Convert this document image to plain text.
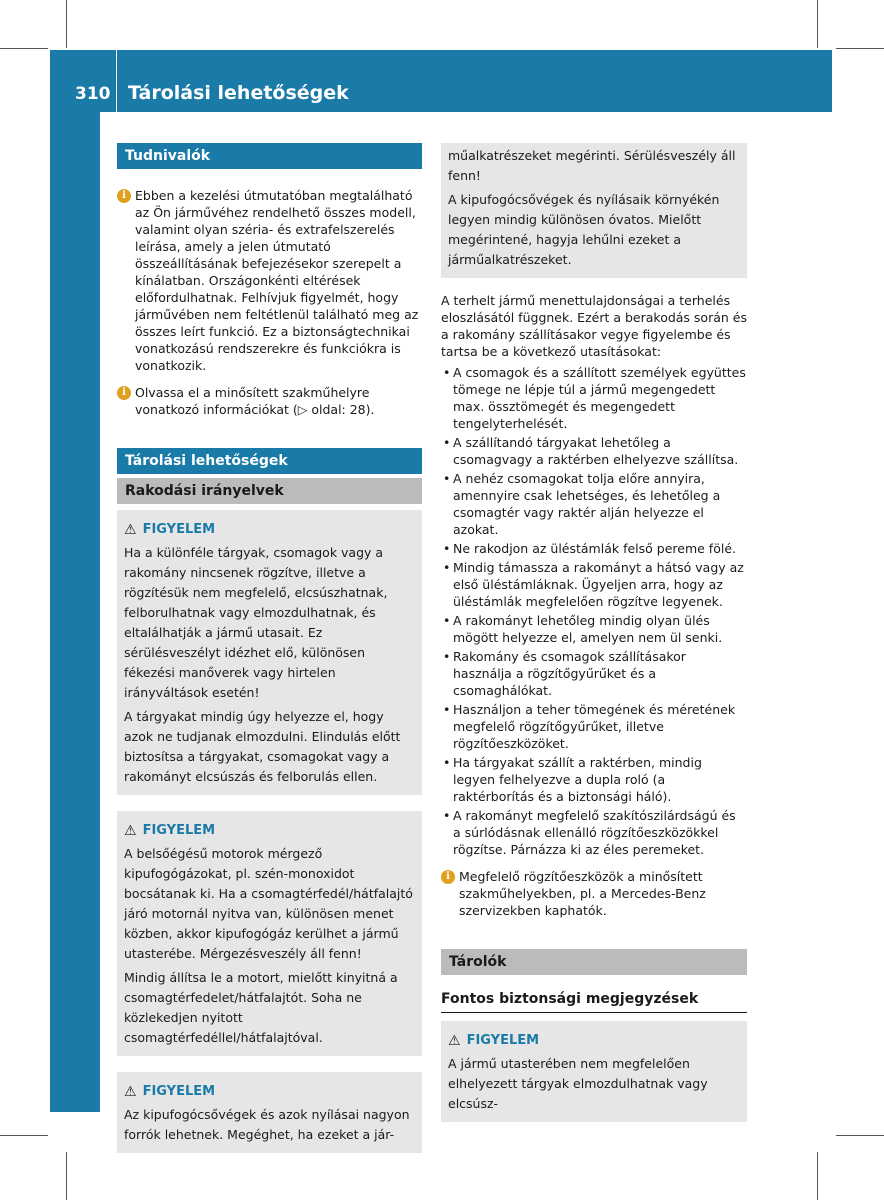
310 Tárolási lehetőségek
Tárolás és hasznos lehetőségek
Tudnivalók
i Ebben a kezelési útmutatóban megtalálható az Ön járművéhez rendelhető összes modell, valamint olyan széria- és extrafelszerelés leírása, amely a jelen útmutató összeállításának befejezésekor szerepelt a kínálatban. Országonkénti eltérések előfordulhatnak. Felhívjuk figyelmét, hogy járművében nem feltétlenül található meg az összes leírt funkció. Ez a biztonságtechnikai vonatkozású rendszerekre és funkciókra is vonatkozik.
i Olvassa el a minősített szakműhelyre vonatkozó információkat (▷ oldal: 28).
Tárolási lehetőségek
Rakodási irányelvek
⚠ FIGYELEM

Ha a különféle tárgyak, csomagok vagy a rakomány nincsenek rögzítve, illetve a rögzítésük nem megfelelő, elcsúszhatnak, felborulhatnak vagy elmozdulhatnak, és eltalálhatják a jármű utasait. Ez sérülésveszélyt idézhet elő, különösen fékezési manőverek vagy hirtelen irányváltások esetén!

A tárgyakat mindig úgy helyezze el, hogy azok ne tudjanak elmozdulni. Elindulás előtt biztosítsa a tárgyakat, csomagokat vagy a rakományt elcsúszás és felborulás ellen.

⚠ FIGYELEM

A belsőégésű motorok mérgező kipufogógázokat, pl. szén-monoxidot bocsátanak ki. Ha a csomagtérfedél/hátfalajtó járó motornál nyitva van, különösen menet közben, akkor kipufogógáz kerülhet a jármű utasterébe. Mérgezésveszély áll fenn!

Mindig állítsa le a motort, mielőtt kinyitná a csomagtérfedelet/hátfalajtót. Soha ne közlekedjen nyitott csomagtérfedéllel/hátfalajtóval.

⚠ FIGYELEM

Az kipufogócsővégek és azok nyílásai nagyon forrók lehetnek. Megéghet, ha ezeket a jár-

műalkatrészeket megérinti. Sérülésveszély áll fenn!

A kipufogócsővégek és nyílásaik környékén legyen mindig különösen óvatos. Mielőtt megérintené, hagyja lehűlni ezeket a járműalkatrészeket.

A terhelt jármű menettulajdonságai a terhelés eloszlásától függnek. Ezért a berakodás során és a rakomány szállításakor vegye figyelembe és tartsa be a következő utasításokat:

• A csomagok és a szállított személyek együttes tömege ne lépje túl a jármű megengedett max. össztömegét és megengedett tengelyterhelését.
• A szállítandó tárgyakat lehetőleg a csomagvagy a raktérben elhelyezve szállítsa.
• A nehéz csomagokat tolja előre annyira, amennyire csak lehetséges, és lehetőleg a csomagtér vagy raktér alján helyezze el azokat.
• Ne rakodjon az üléstámlák felső pereme fölé.
• Mindig támassza a rakományt a hátsó vagy az első üléstámláknak. Ügyeljen arra, hogy az üléstámlák megfelelően rögzítve legyenek.
• A rakományt lehetőleg mindig olyan ülés mögött helyezze el, amelyen nem ül senki.
• Rakomány és csomagok szállításakor használja a rögzítőgyűrűket és a csomaghálókat.
• Használjon a teher tömegének és méretének megfelelő rögzítőgyűrűket, illetve rögzítőeszközöket.
• Ha tárgyakat szállít a raktérben, mindig legyen felhelyezve a dupla roló (a raktérborítás és a biztonsági háló).
• A rakományt megfelelő szakítószilárdságú és a súrlódásnak ellenálló rögzítőeszközökkel rögzítse. Párnázza ki az éles peremeket.
i Megfelelő rögzítőeszközök a minősített szakműhelyekben, pl. a Mercedes-Benz szervizekben kaphatók.
Tárolók
Fontos biztonsági megjegyzések
⚠ FIGYELEM

A jármű utasterében nem megfelelően elhelyezett tárgyak elmozdulhatnak vagy elcsúsz-
